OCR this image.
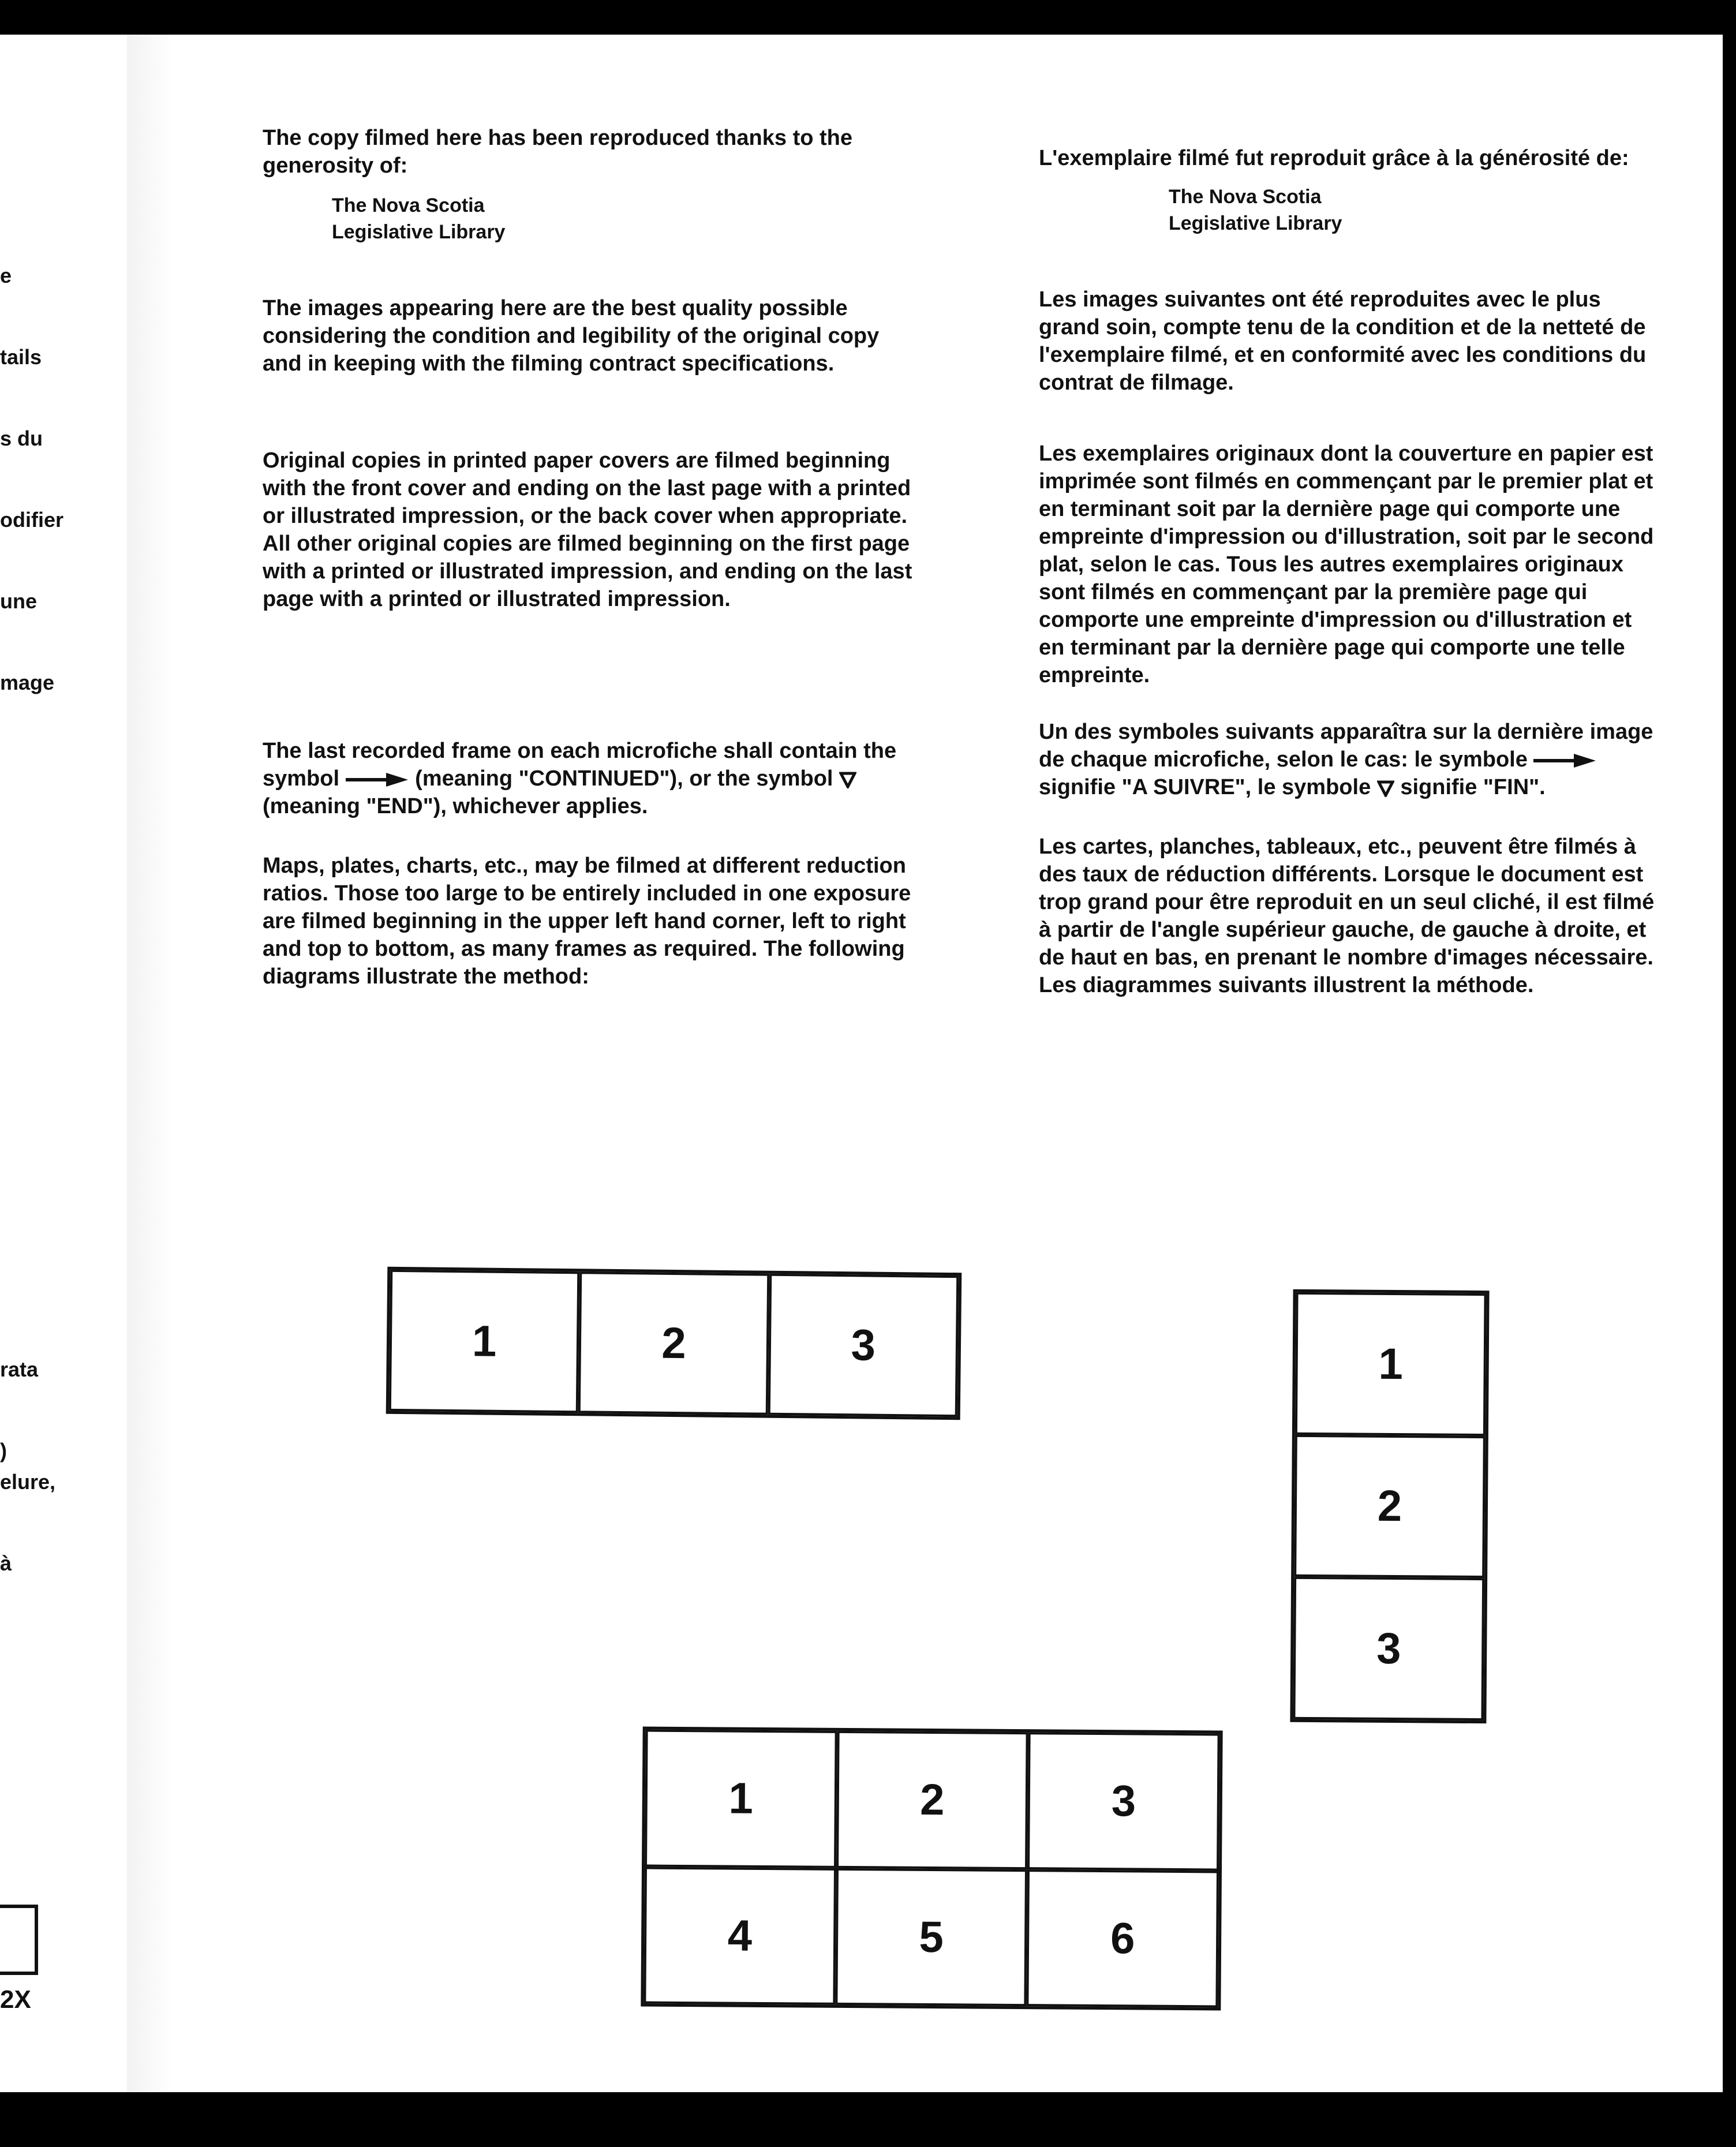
e

tails

s du

odifier

une

mage

rata

)

elure,

à

2X

The copy filmed here has been reproduced thanks to the generosity of:

The Nova Scotia
Legislative Library

The images appearing here are the best quality possible considering the condition and legibility of the original copy and in keeping with the filming contract specifications.

Original copies in printed paper covers are filmed beginning with the front cover and ending on the last page with a printed or illustrated impression, or the back cover when appropriate. All other original copies are filmed beginning on the first page with a printed or illustrated impression, and ending on the last page with a printed or illustrated impression.

The last recorded frame on each microfiche shall contain the symbol	(meaning "CONTINUED"), or the symbol  (meaning "END"), whichever applies.

Maps, plates, charts, etc., may be filmed at different reduction ratios. Those too large to be entirely included in one exposure are filmed beginning in the upper left hand corner, left to right and top to bottom, as many frames as required. The following diagrams illustrate the method:

L'exemplaire filmé fut reproduit grâce à la générosité de:

The Nova Scotia
Legislative Library

Les images suivantes ont été reproduites avec le plus grand soin, compte tenu de la condition et de la netteté de l'exemplaire filmé, et en conformité avec les conditions du contrat de filmage.

Les exemplaires originaux dont la couverture en papier est imprimée sont filmés en commençant par le premier plat et en terminant soit par la dernière page qui comporte une empreinte d'impression ou d'illustration, soit par le second plat, selon le cas. Tous les autres exemplaires originaux sont filmés en commençant par la première page qui comporte une empreinte d'impression ou d'illustration et en terminant par la dernière page qui comporte une telle empreinte.

Un des symboles suivants apparaîtra sur la dernière image de chaque microfiche, selon le cas: le symbole  signifie "A SUIVRE", le symbole signifie "FIN".

Les cartes, planches, tableaux, etc., peuvent être filmés à des taux de réduction différents. Lorsque le document est trop grand pour être reproduit en un seul cliché, il est filmé à partir de l'angle supérieur gauche, de gauche à droite, et de haut en bas, en prenant le nombre d'images nécessaire. Les diagrammes suivants illustrent la méthode.

1	2	3	1
2
3
1	2	3
4	5	6
